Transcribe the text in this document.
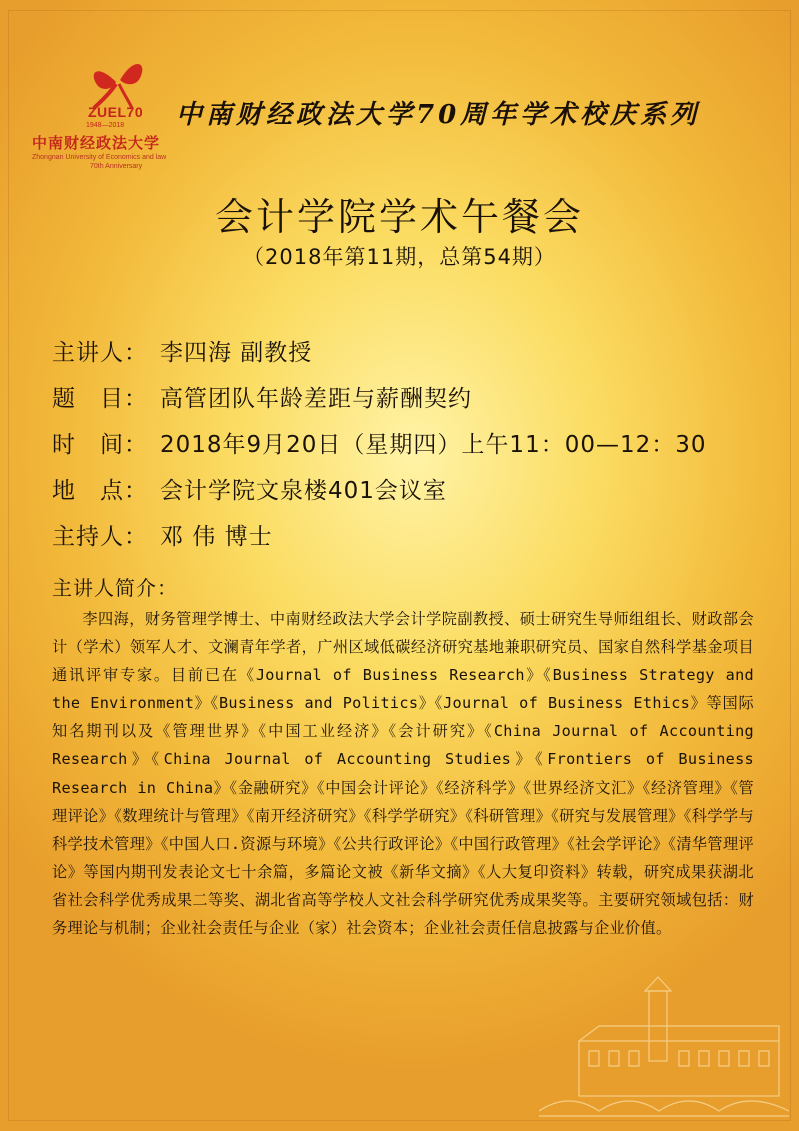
ZUEL70
1948—2018
中南财经政法大学
Zhongnan University of Economics and law
70th Anniversary
中南财经政法大学70周年学术校庆系列
会计学院学术午餐会
（2018年第11期，总第54期）
主讲人： 李四海 副教授
题　目： 高管团队年龄差距与薪酬契约
时　间： 2018年9月20日（星期四）上午11：00—12：30
地　点： 会计学院文泉楼401会议室
主持人： 邓 伟 博士
主讲人简介：
李四海，财务管理学博士、中南财经政法大学会计学院副教授、硕士研究生导师组组长、财政部会计（学术）领军人才、文澜青年学者，广州区域低碳经济研究基地兼职研究员、国家自然科学基金项目通讯评审专家。目前已在《Journal of Business Research》《Business Strategy and the Environment》《Business and Politics》《Journal of Business Ethics》等国际知名期刊以及《管理世界》《中国工业经济》《会计研究》《China Journal of Accounting Research》《China Journal of Accounting Studies》《Frontiers of Business Research in China》《金融研究》《中国会计评论》《经济科学》《世界经济文汇》《经济管理》《管理评论》《数理统计与管理》《南开经济研究》《科学学研究》《科研管理》《研究与发展管理》《科学学与科学技术管理》《中国人口.资源与环境》《公共行政评论》《中国行政管理》《社会学评论》《清华管理评论》等国内期刊发表论文七十余篇，多篇论文被《新华文摘》《人大复印资料》转载，研究成果获湖北省社会科学优秀成果二等奖、湖北省高等学校人文社会科学研究优秀成果奖等。主要研究领域包括：财务理论与机制；企业社会责任与企业（家）社会资本；企业社会责任信息披露与企业价值。
